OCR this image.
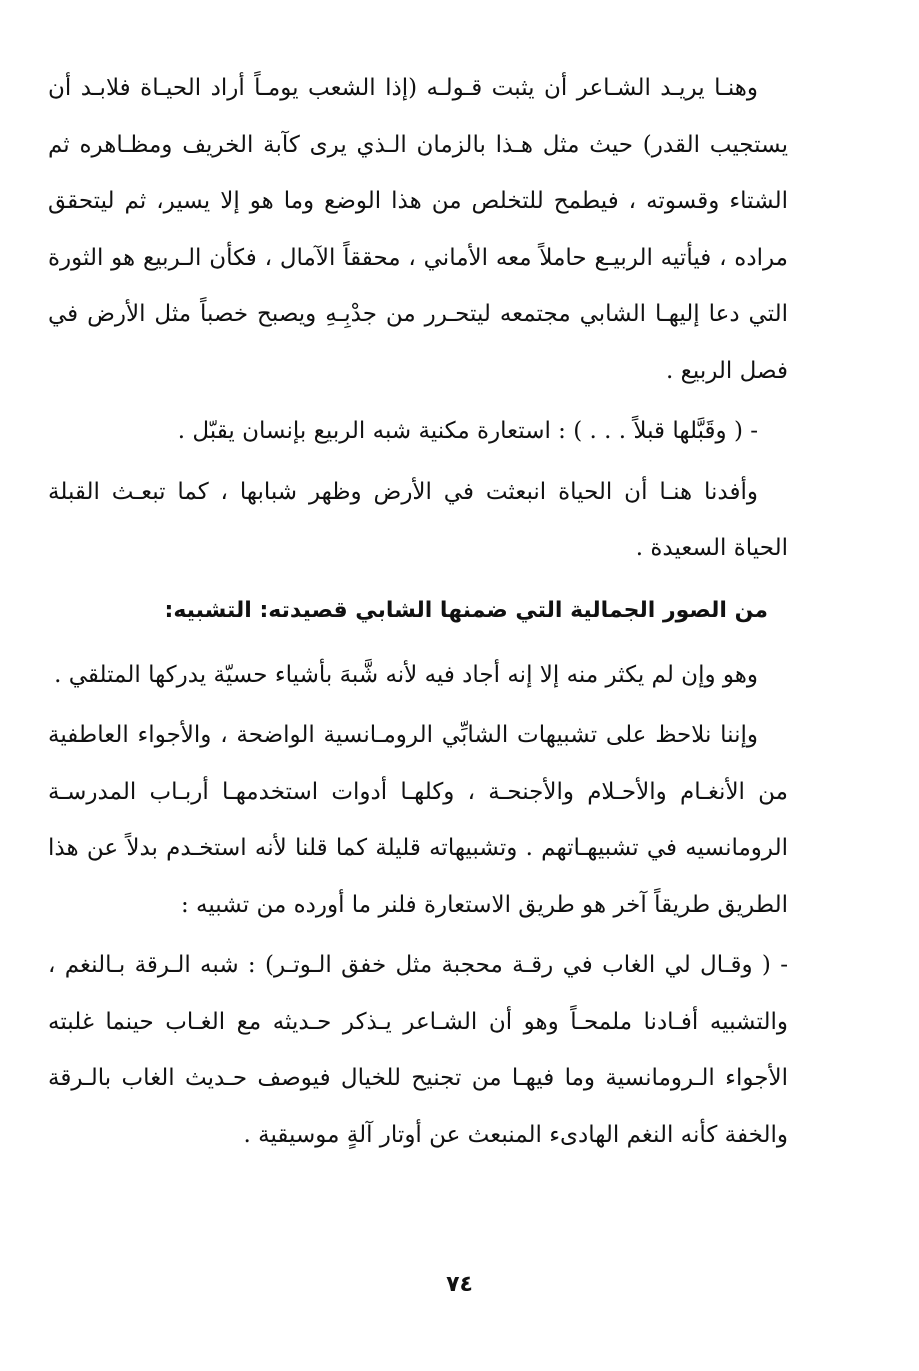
وهنـا يريـد الشـاعر أن يثبت قـولـه (إذا الشعب يومـاً أراد الحيـاة فلابـد أن يستجيب القدر) حيث مثل هـذا بالزمان الـذي يرى كآبة الخريف ومظـاهره ثم الشتاء وقسوته ، فيطمح للتخلص من هذا الوضع وما هو إلا يسير، ثم ليتحقق مراده ، فيأتيه الربيـع حاملاً معه الأماني ، محققاً الآمال ، فكأن الـربيع هو الثورة التي دعا إليهـا الشابي مجتمعه ليتحـرر من جدْبِـهِ ويصبح خصباً مثل الأرض في فصل الربيع .

- ( وقَبَّلها قبلاً . . . ) : استعارة مكنية شبه الربيع بإنسان يقبّل .

وأفدنا هنـا أن الحياة انبعثت في الأرض وظهر شبابها ، كما تبعـث القبلة الحياة السعيدة .

من الصور الجمالية التي ضمنها الشابي قصيدته: التشبيه:

وهو وإن لم يكثر منه إلا إنه أجاد فيه لأنه شَّبهَ بأشياء حسيّة يدركها المتلقي .

وإننا نلاحظ على تشبيهات الشابِّي الرومـانسية الواضحة ، والأجواء العاطفية من الأنغـام والأحـلام والأجنحـة ، وكلهـا أدوات استخدمهـا أربـاب المدرسـة الرومانسيه في تشبيهـاتهم . وتشبيهاته قليلة كما قلنا لأنه استخـدم بدلاً عن هذا الطريق طريقاً آخر هو طريق الاستعارة فلنر ما أورده من تشبيه :

- ( وقـال لي الغاب في رقـة محجبة مثل خفق الـوتـر) : شبه الـرقة بـالنغم ، والتشبيه أفـادنا ملمحـاً وهو أن الشـاعر يـذكر حـديثه مع الغـاب حينما غلبته الأجواء الـرومانسية وما فيهـا من تجنيح للخيال فيوصف حـديث الغاب بالـرقة والخفة كأنه النغم الهادىء المنبعث عن أوتار آلةٍ موسيقية .

٧٤
